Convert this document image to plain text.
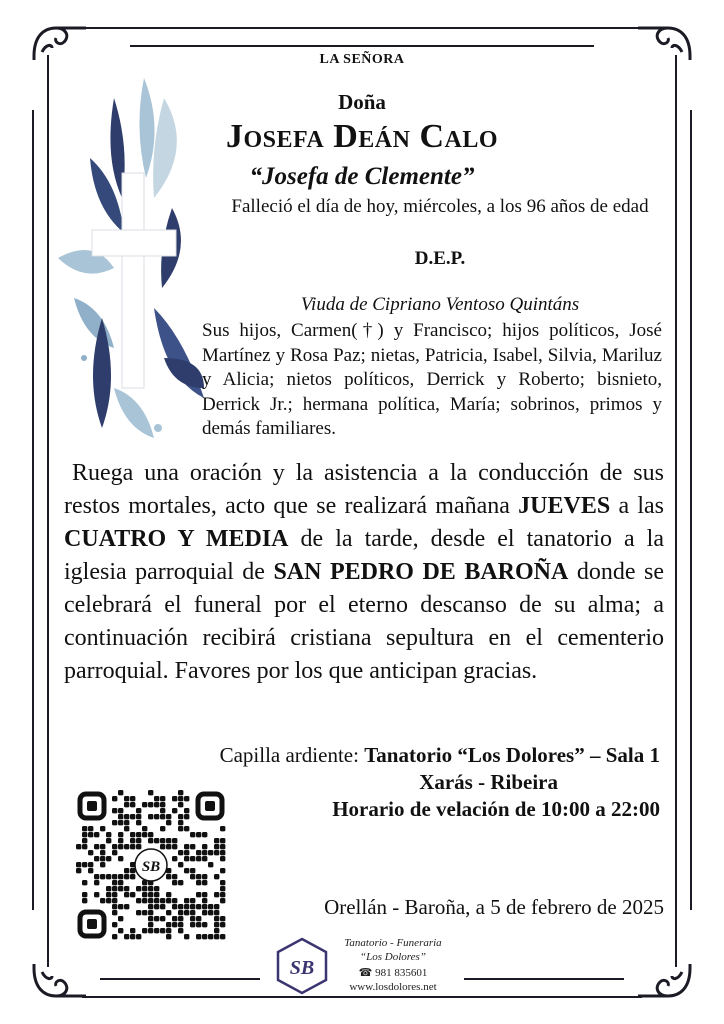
LA SEÑORA

Doña

Josefa Deán Calo

“Josefa de Clemente”

Falleció el día de hoy, miércoles, a los 96 años de edad

D.E.P.

Viuda de Cipriano Ventoso Quintáns

Sus hijos, Carmen(†) y Francisco; hijos políticos, José Martínez y Rosa Paz; nietas, Patricia, Isabel, Silvia, Mariluz y Alicia; nietos políticos, Derrick y Roberto; bisnieto, Derrick Jr.; hermana política, María; sobrinos, primos y demás familiares.

Ruega una oración y la asistencia a la conducción de sus restos mortales, acto que se realizará mañana JUEVES a las CUATRO Y MEDIA de la tarde, desde el tanatorio a la iglesia parroquial de SAN PEDRO DE BAROÑA donde se celebrará el funeral por el eterno descanso de su alma; a continuación recibirá cristiana sepultura en el cementerio parroquial. Favores por los que anticipan gracias.

Capilla ardiente: Tanatorio “Los Dolores” – Sala 1

Xarás - Ribeira

Horario de velación de 10:00 a 22:00

SB

Orellán - Baroña, a 5 de febrero de 2025

SB

Tanatorio - Funeraria

“Los Dolores”

☎ 981 835601

www.losdolores.net
